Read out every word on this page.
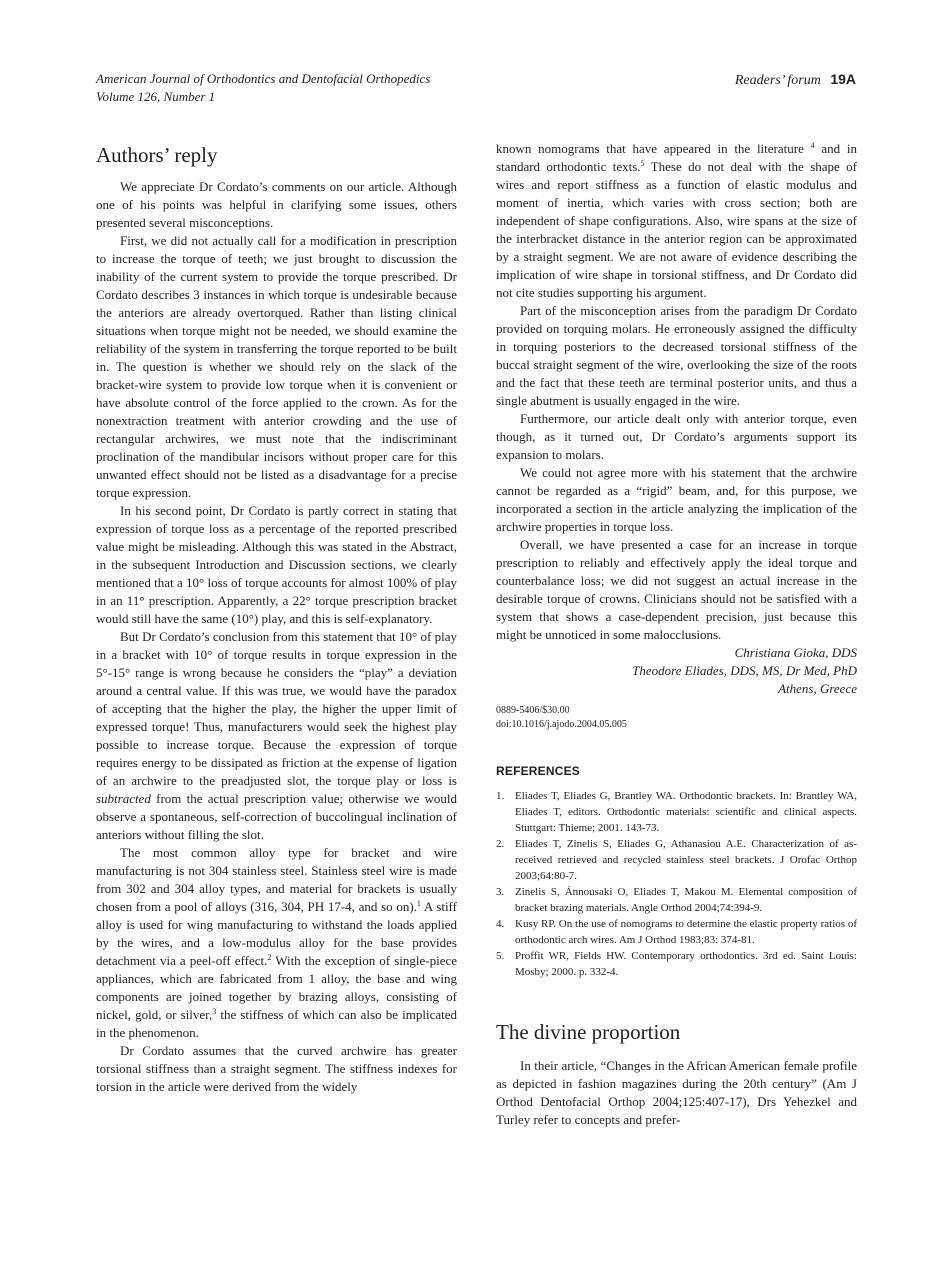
American Journal of Orthodontics and Dentofacial Orthopedics
Volume 126, Number 1
Readers’ forum 19A
Authors’ reply

We appreciate Dr Cordato’s comments on our article. Although one of his points was helpful in clarifying some issues, others presented several misconceptions.

First, we did not actually call for a modification in prescription to increase the torque of teeth; we just brought to discussion the inability of the current system to provide the torque prescribed. Dr Cordato describes 3 instances in which torque is undesirable because the anteriors are already overtorqued. Rather than listing clinical situations when torque might not be needed, we should examine the reliability of the system in transferring the torque reported to be built in. The question is whether we should rely on the slack of the bracket-wire system to provide low torque when it is convenient or have absolute control of the force applied to the crown. As for the nonextraction treatment with anterior crowding and the use of rectangular archwires, we must note that the indiscriminant proclination of the mandibular incisors without proper care for this unwanted effect should not be listed as a disadvantage for a precise torque expression.

In his second point, Dr Cordato is partly correct in stating that expression of torque loss as a percentage of the reported prescribed value might be misleading. Although this was stated in the Abstract, in the subsequent Introduction and Discussion sections, we clearly mentioned that a 10° loss of torque accounts for almost 100% of play in an 11° prescription. Apparently, a 22° torque prescription bracket would still have the same (10°) play, and this is self-explanatory.

But Dr Cordato’s conclusion from this statement that 10° of play in a bracket with 10° of torque results in torque expression in the 5°-15° range is wrong because he considers the “play” a deviation around a central value. If this was true, we would have the paradox of accepting that the higher the play, the higher the upper limit of expressed torque! Thus, manufacturers would seek the highest play possible to increase torque. Because the expression of torque requires energy to be dissipated as friction at the expense of ligation of an archwire to the preadjusted slot, the torque play or loss is subtracted from the actual prescription value; otherwise we would observe a spontaneous, self-correction of buccolingual inclination of anteriors without filling the slot.

The most common alloy type for bracket and wire manufacturing is not 304 stainless steel. Stainless steel wire is made from 302 and 304 alloy types, and material for brackets is usually chosen from a pool of alloys (316, 304, PH 17-4, and so on).$^1$ A stiff alloy is used for wing manufacturing to withstand the loads applied by the wires, and a low-modulus alloy for the base provides detachment via a peel-off effect.$^2$ With the exception of single-piece appliances, which are fabricated from 1 alloy, the base and wing components are joined together by brazing alloys, consisting of nickel, gold, or silver,$^3$ the stiffness of which can also be implicated in the phenomenon.

Dr Cordato assumes that the curved archwire has greater torsional stiffness than a straight segment. The stiffness indexes for torsion in the article were derived from the widely

known nomograms that have appeared in the literature $^4$ and in standard orthodontic texts.$^5$ These do not deal with the shape of wires and report stiffness as a function of elastic modulus and moment of inertia, which varies with cross section; both are independent of shape configurations. Also, wire spans at the size of the interbracket distance in the anterior region can be approximated by a straight segment. We are not aware of evidence describing the implication of wire shape in torsional stiffness, and Dr Cordato did not cite studies supporting his argument.

Part of the misconception arises from the paradigm Dr Cordato provided on torquing molars. He erroneously assigned the difficulty in torquing posteriors to the decreased torsional stiffness of the buccal straight segment of the wire, overlooking the size of the roots and the fact that these teeth are terminal posterior units, and thus a single abutment is usually engaged in the wire.

Furthermore, our article dealt only with anterior torque, even though, as it turned out, Dr Cordato’s arguments support its expansion to molars.

We could not agree more with his statement that the archwire cannot be regarded as a “rigid” beam, and, for this purpose, we incorporated a section in the article analyzing the implication of the archwire properties in torque loss.

Overall, we have presented a case for an increase in torque prescription to reliably and effectively apply the ideal torque and counterbalance loss; we did not suggest an actual increase in the desirable torque of crowns. Clinicians should not be satisfied with a system that shows a case-dependent precision, just because this might be unnoticed in some malocclusions.

Christiana Gioka, DDS
Theodore Eliades, DDS, MS, Dr Med, PhD
Athens, Greece
0889-5406/$30.00
doi:10.1016/j.ajodo.2004.05.005
REFERENCES
1. Eliades T, Eliades G, Brantley WA. Orthodontic brackets. In: Brantley WA, Eliades T, editors. Orthodontic materials: scientific and clinical aspects. Stuttgart: Thieme; 2001. 143-73.
2. Eliades T, Zinelis S, Eliades G, Athanasiou A.E. Characterization of as-received retrieved and recycled stainless steel brackets. J Orofac Orthop 2003;64:80-7.
3. Zinelis S, Ánnousaki O, Eliades T, Makou M. Elemental composition of bracket brazing materials. Angle Orthod 2004;74:394-9.
4. Kusy RP. On the use of nomograms to determine the elastic property ratios of orthodontic arch wires. Am J Orthod 1983;83: 374-81.
5. Proffit WR, Fields HW. Contemporary orthodontics. 3rd ed. Saint Louis: Mosby; 2000. p. 332-4.
The divine proportion

In their article, “Changes in the African American female profile as depicted in fashion magazines during the 20th century” (Am J Orthod Dentofacial Orthop 2004;125:407-17), Drs Yehezkel and Turley refer to concepts and prefer-
